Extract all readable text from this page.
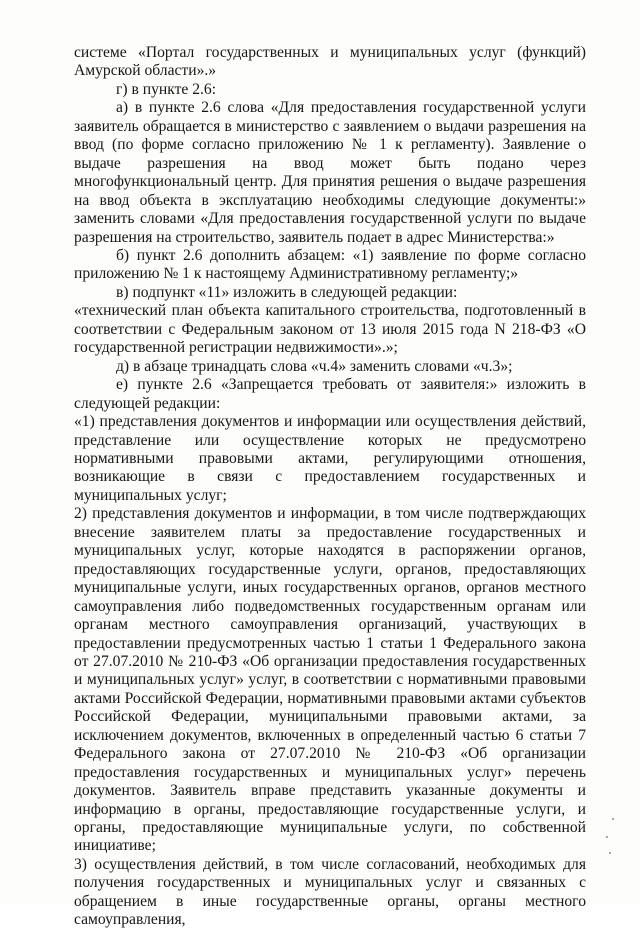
системе «Портал государственных и муниципальных услуг (функций) Амурской области».»

г) в пункте 2.6:

а) в пункте 2.6 слова «Для предоставления государственной услуги заявитель обращается в министерство с заявлением о выдачи разрешения на ввод (по форме согласно приложению № 1 к регламенту). Заявление о выдаче разрешения на ввод может быть подано через многофункциональный центр. Для принятия решения о выдаче разрешения на ввод объекта в эксплуатацию необходимы следующие документы:» заменить словами «Для предоставления государственной услуги по выдаче разрешения на строительство, заявитель подает в адрес Министерства:»

б) пункт 2.6 дополнить абзацем: «1) заявление по форме согласно приложению № 1 к настоящему Административному регламенту;»

в) подпункт «11» изложить в следующей редакции:

«технический план объекта капитального строительства, подготовленный в соответствии с Федеральным законом от 13 июля 2015 года N 218-ФЗ «О государственной регистрации недвижимости».»;

д) в абзаце тринадцать слова «ч.4» заменить словами «ч.3»;

е) пункте 2.6 «Запрещается требовать от заявителя:» изложить в следующей редакции:

«1) представления документов и информации или осуществления действий, представление или осуществление которых не предусмотрено нормативными правовыми актами, регулирующими отношения, возникающие в связи с предоставлением государственных и муниципальных услуг;

2) представления документов и информации, в том числе подтверждающих внесение заявителем платы за предоставление государственных и муниципальных услуг, которые находятся в распоряжении органов, предоставляющих государственные услуги, органов, предоставляющих муниципальные услуги, иных государственных органов, органов местного самоуправления либо подведомственных государственным органам или органам местного самоуправления организаций, участвующих в предоставлении предусмотренных частью 1 статьи 1 Федерального закона от 27.07.2010 № 210-ФЗ «Об организации предоставления государственных и муниципальных услуг» услуг, в соответствии с нормативными правовыми актами Российской Федерации, нормативными правовыми актами субъектов Российской Федерации, муниципальными правовыми актами, за исключением документов, включенных в определенный частью 6 статьи 7 Федерального закона от 27.07.2010 № 210-ФЗ «Об организации предоставления государственных и муниципальных услуг» перечень документов. Заявитель вправе представить указанные документы и информацию в органы, предоставляющие государственные услуги, и органы, предоставляющие муниципальные услуги, по собственной инициативе;

3) осуществления действий, в том числе согласований, необходимых для получения государственных и муниципальных услуг и связанных с обращением в иные государственные органы, органы местного самоуправления,
